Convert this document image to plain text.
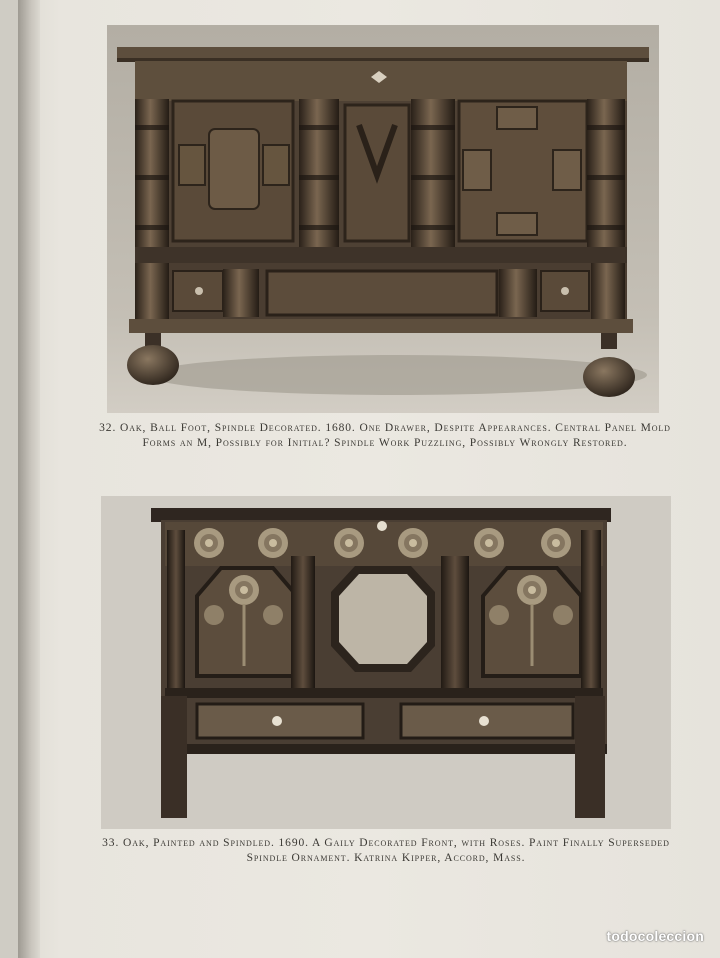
32. Oak, Ball Foot, Spindle Decorated. 1680. One Drawer, Despite Appearances. Central Panel Mold Forms an M, Possibly for Initial? Spindle Work Puzzling, Possibly Wrongly Restored.
33. Oak, Painted and Spindled. 1690. A Gaily Decorated Front, with Roses. Paint Finally Superseded Spindle Ornament. Katrina Kipper, Accord, Mass.
todocoleccion
